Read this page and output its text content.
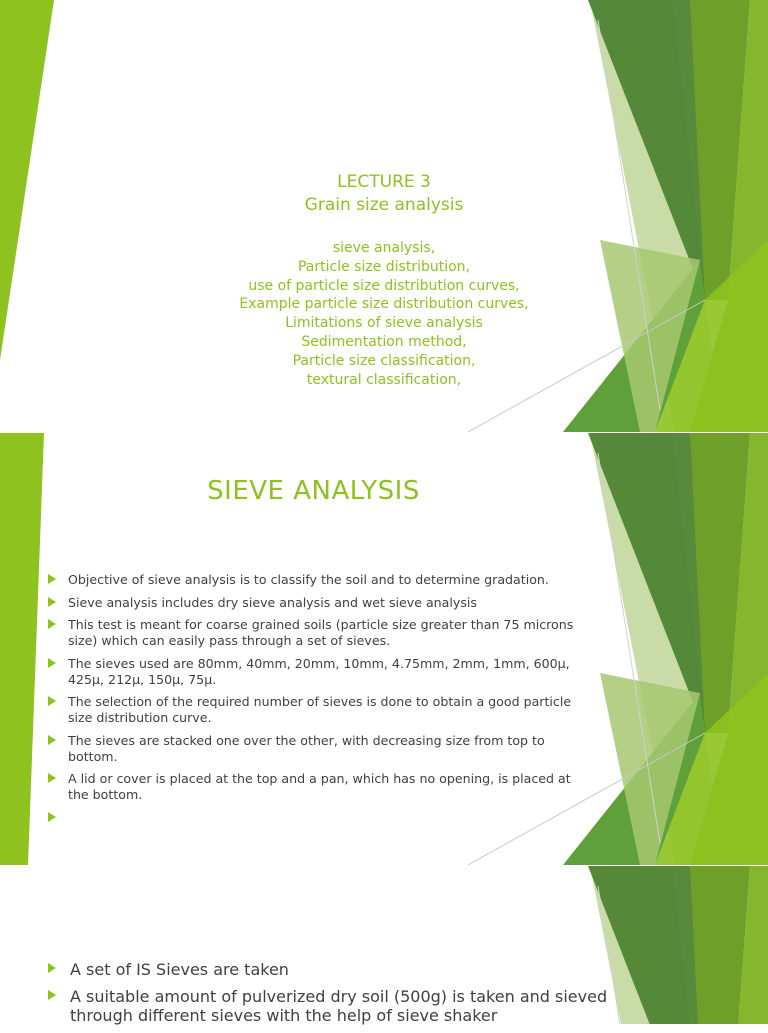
LECTURE 3
Grain size analysis
sieve analysis,
Particle size distribution,
use of particle size distribution curves,
Example particle size distribution curves,
Limitations of sieve analysis
Sedimentation method,
Particle size classification,
textural classification,
SIEVE ANALYSIS
Objective of sieve analysis is to classify the soil and to determine gradation.
Sieve analysis includes dry sieve analysis and wet sieve analysis
This test is meant for coarse grained soils (particle size greater than 75 microns size) which can easily pass through a set of sieves.
The sieves used are 80mm, 40mm, 20mm, 10mm, 4.75mm, 2mm, 1mm, 600µ, 425µ, 212µ, 150µ, 75µ.
The selection of the required number of sieves is done to obtain a good particle size distribution curve.
The sieves are stacked one over the other, with decreasing size from top to bottom.
A lid or cover is placed at the top and a pan, which has no opening, is placed at the bottom.

A set of IS Sieves are taken
A suitable amount of pulverized dry soil (500g) is taken and sieved through different sieves with the help of sieve shaker
